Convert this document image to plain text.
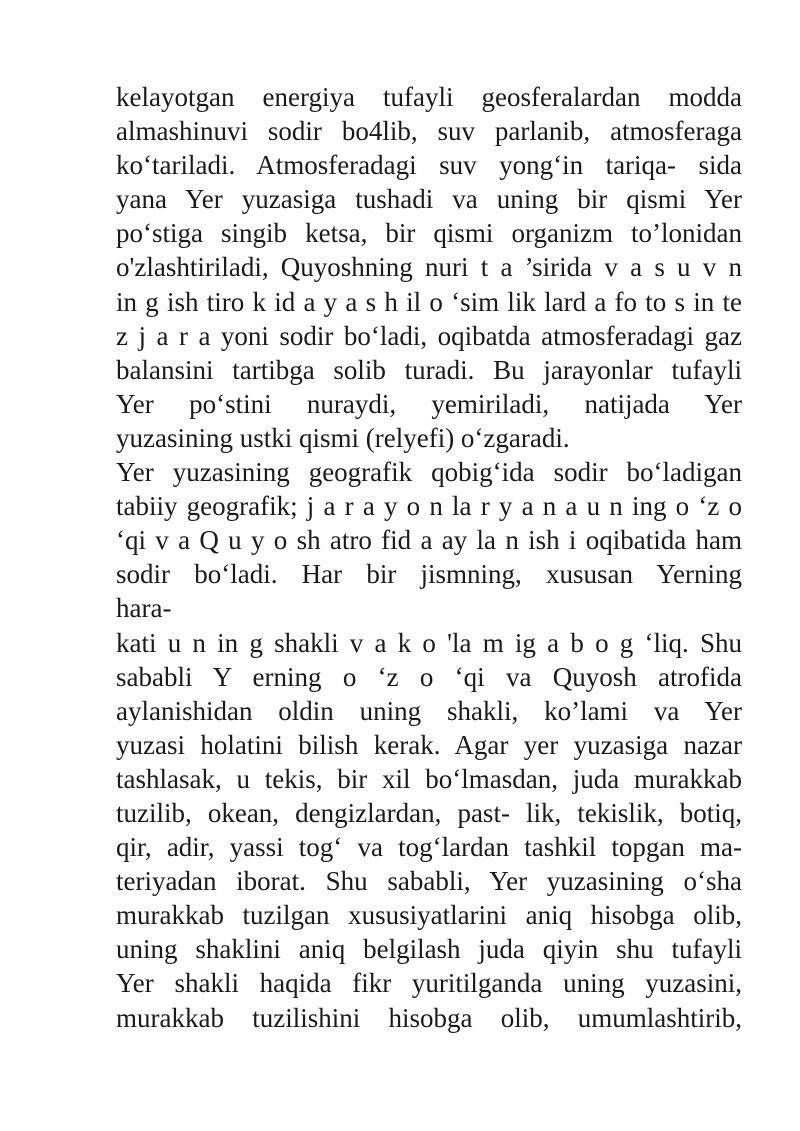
kelayotgan energiya tufayli geosferalardan modda
almashinuvi sodir bo4lib, suv parlanib, atmosferaga
ko‘tariladi. Atmosferadagi suv yong‘in tariqa- sida
yana Yer yuzasiga tushadi va uning bir qismi Yer
po‘stiga singib ketsa, bir qismi organizm to’lonidan
o'zlashtiriladi, Quyoshning nuri t a ’sirida v a s u v n
in g ish tiro k id a y a s h il o ‘sim lik lard a fo to s in te
z j a r a yoni sodir bo‘ladi, oqibatda atmosferadagi gaz
balansini tartibga solib turadi. Bu jarayonlar tufayli
Yer po‘stini nuraydi, yemiriladi, natijada Yer
yuzasining ustki qismi (relyefi) o‘zgaradi.
Yer yuzasining geografik qobig‘ida sodir bo‘ladigan
tabiiy geografik; j a r a y o n la r y a n a u n ing o ‘z o
‘qi v a Q u y o sh atro fid a ay la n ish i oqibatida ham
sodir bo‘ladi. Har bir jismning, xususan Yerning
hara-
kati u n in g shakli v a k o 'la m ig a b o g ‘liq. Shu
sababli Y erning o ‘z o ‘qi va Quyosh atrofida
aylanishidan oldin uning shakli, ko’lami va Yer
yuzasi holatini bilish kerak. Agar yer yuzasiga nazar
tashlasak, u tekis, bir xil bo‘lmasdan, juda murakkab
tuzilib, okean, dengizlardan, past- lik, tekislik, botiq,
qir, adir, yassi tog‘ va tog‘lardan tashkil topgan ma-
teriyadan iborat. Shu sababli, Yer yuzasining o‘sha
murakkab tuzilgan xususiyatlarini aniq hisobga olib,
uning shaklini aniq belgilash juda qiyin shu tufayli
Yer shakli haqida fikr yuritilganda uning yuzasini,
murakkab tuzilishini hisobga olib, umumlashtirib,
